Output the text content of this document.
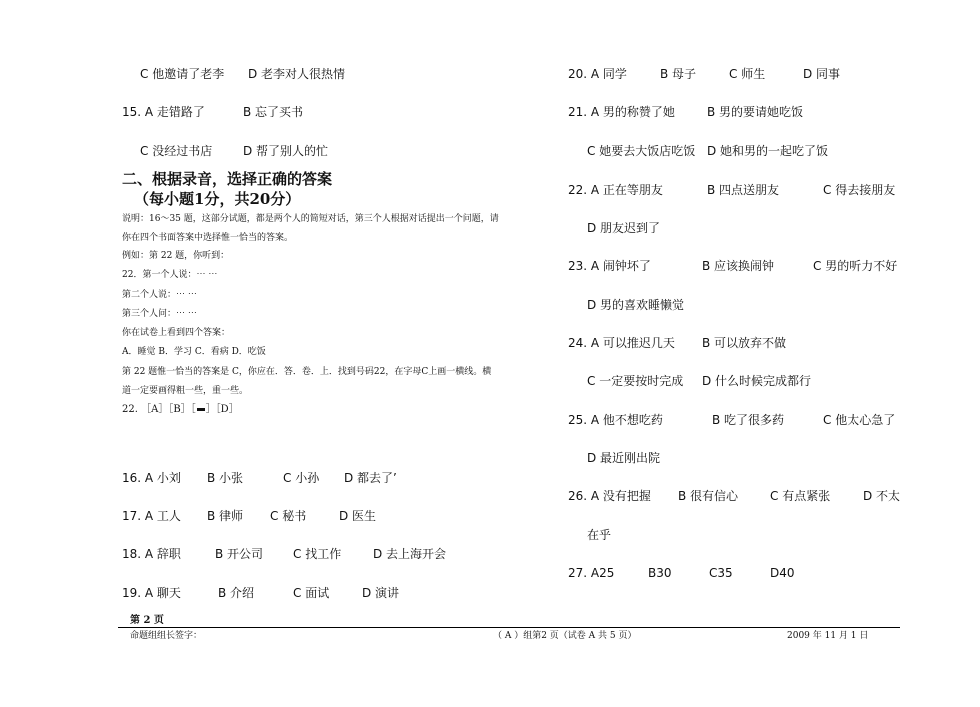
C 他邀请了老李 D 老李对人很热情
15. A 走错路了	B 忘了买书
C 没经过书店	D 帮了别人的忙
二、根据录音，选择正确的答案
（每小题1分，共20分）
说明：16～35 题，这部分试题，都是两个人的简短对话，第三个人根据对话提出一个问题，请
你在四个书面答案中选择惟一恰当的答案。
例如：第 22 题，你听到：
22．第一个人说：⋯ ⋯
第二个人说：⋯ ⋯
第三个人问：⋯ ⋯
你在试卷上看到四个答案：
A．睡觉 B．学习 C．看病 D．吃饭
第 22 题惟一恰当的答案是 C，你应在．答．卷．上．找到号码22，在字母C上画一横线。横
道一定要画得粗一些，重一些。
22. ［A］［B］［ ］［D］
16. A 小刘 B 小张	C 小孙 D 都去了’
17. A 工人 B 律师 C 秘书	D 医生
18. A 辞职	B 开公司 C 找工作	D 去上海开会
19. A 聊天	B 介绍	C 面试	D 演讲
20. A 同学	B 母子	C 师生	D 同事
21. A 男的称赞了她	B 男的要请她吃饭
C 她要去大饭店吃饭 D 她和男的一起吃了饭
22. A 正在等朋友	B 四点送朋友	C 得去接朋友
D 朋友迟到了
23. A 闹钟坏了	B 应该换闹钟	C 男的听力不好
D 男的喜欢睡懒觉
24. A 可以推迟几天 B 可以放弃不做
C 一定要按时完成 D 什么时候完成都行
25. A 他不想吃药	B 吃了很多药	C 他太心急了
D 最近刚出院
26. A 没有把握 B 很有信心	C 有点紧张	D 不太
在乎
27. A25	B30	C35	D40
第 2 页
命题组组长签字：	（ A ）组第2 页（试卷 A 共 5 页）	2009 年 11 月 1 日
